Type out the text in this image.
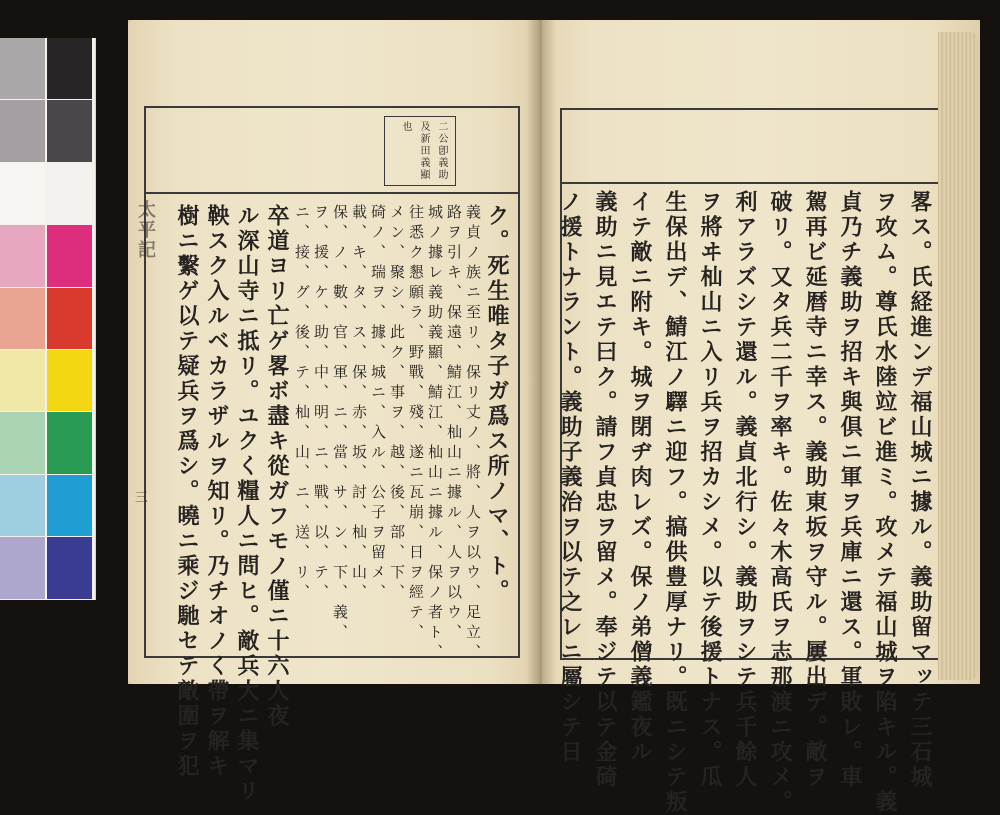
二公卽義助
及新田義顯
也
ク。死生唯タ子ガ爲ス所ノマ、ト。
義貞ノ族ニ至リ、保リ丈ノ、將、人ヲ以ウ、足立、
路ヲ引キ、保遠、鯖江、杣山ニ據ル、人ヲ以ウ、
城ノ據レ義助義顯、鯖江、杣山ニ據ル、保ノ者ト、
往悉ク懇願ラ、野戰、殘、遂ニ瓦崩、日ヲ經テ、
メン、聚シ、此ク、事ヲ、越、後、部、下、
碕ノ、瑞ヲ、據、城ニ、入ル、公子ヲ留メ、
載、キ、タ、ス、保、赤、坂、討、杣、山、
保、ノ、數、官、軍、ニ、當、サ、ン、下、義、
ヲ、援、ケ、助、中、明、ニ、戰、以、テ、
ニ、接、グ、後、テ、杣、山、ニ、送、リ、
卒道ヨリ亡ゲ畧ボ盡キ從ガフモノ僅ニ十六人夜
ル深山寺ニ抵リ。ユクく糧人ニ問ヒ。敵兵大ニ集マリ
鞅スク入ルベカラザルヲ知リ。乃チオノく帶ヲ解キ
樹ニ繫ゲ以テ疑兵ヲ爲シ。曉ニ乘ジ馳セテ敵圍ヲ犯
太平記
三	畧ス。氏経進ンデ福山城ニ據ル。義助留マッテ三石城
ヲ攻ム。尊氏水陸竝ビ進ミ。攻メテ福山城ヲ陷キル。義
貞乃チ義助ヲ招キ與倶ニ軍ヲ兵庫ニ還ス。軍敗レ。車
駕再ビ延暦寺ニ幸ス。義助東坂ヲ守ル。屢出デ。敵ヲ
破リ。又タ兵二千ヲ率キ。佐々木高氏ヲ志那渡ニ攻メ。
利アラズシテ還ル。義貞北行シ。義助ヲシテ兵千餘人
ヲ將ヰ杣山ニ入リ兵ヲ招カシメ。以テ後援トナス。瓜
生保出デ、鯖江ノ驛ニ迎フ。搞供豊厚ナリ。既ニシテ叛
イテ敵ニ附キ。城ヲ閉ヂ肉レズ。保ノ弟僧義鑑夜ル
義助ニ見エテ曰ク。請フ貞忠ヲ留メ。奉ジテ以テ金碕
ノ援トナラント。義助子義治ヲ以テ之レニ屬シテ日
